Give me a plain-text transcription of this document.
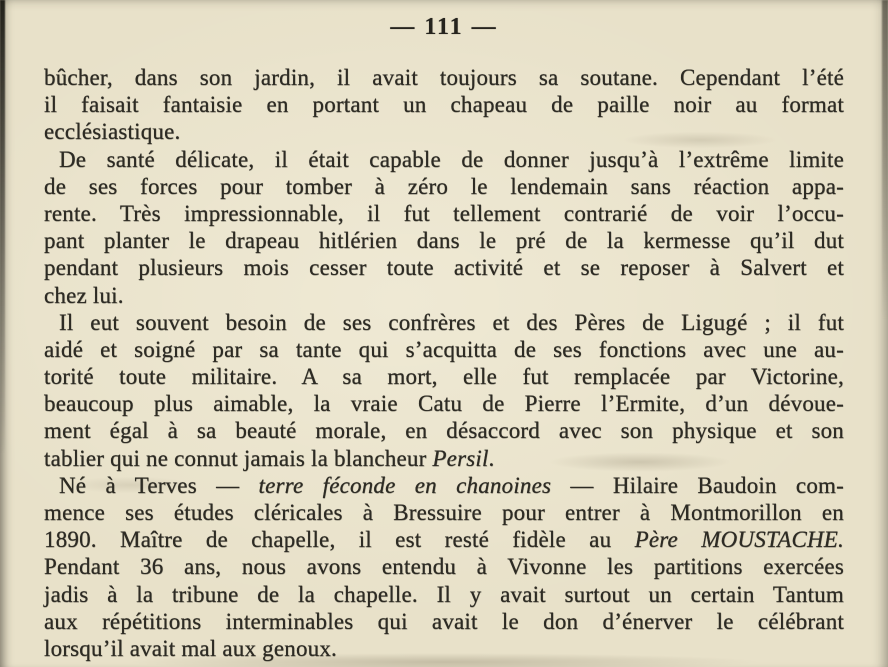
— 111 —
bûcher, dans son jardin, il avait toujours sa soutane. Cependant l’été
il faisait fantaisie en portant un chapeau de paille noir au format
ecclésiastique.
De santé délicate, il était capable de donner jusqu’à l’extrême limite
de ses forces pour tomber à zéro le lendemain sans réaction appa-
rente. Très impressionnable, il fut tellement contrarié de voir l’occu-
pant planter le drapeau hitlérien dans le pré de la kermesse qu’il dut
pendant plusieurs mois cesser toute activité et se reposer à Salvert et
chez lui.
Il eut souvent besoin de ses confrères et des Pères de Ligugé ; il fut
aidé et soigné par sa tante qui s’acquitta de ses fonctions avec une au-
torité toute militaire. A sa mort, elle fut remplacée par Victorine,
beaucoup plus aimable, la vraie Catu de Pierre l’Ermite, d’un dévoue-
ment égal à sa beauté morale, en désaccord avec son physique et son
tablier qui ne connut jamais la blancheur Persil.
Né à Terves — terre féconde en chanoines — Hilaire Baudoin com-
mence ses études cléricales à Bressuire pour entrer à Montmorillon en
1890. Maître de chapelle, il est resté fidèle au Père MOUSTACHE.
Pendant 36 ans, nous avons entendu à Vivonne les partitions exercées
jadis à la tribune de la chapelle. Il y avait surtout un certain Tantum
aux répétitions interminables qui avait le don d’énerver le célébrant
lorsqu’il avait mal aux genoux.
